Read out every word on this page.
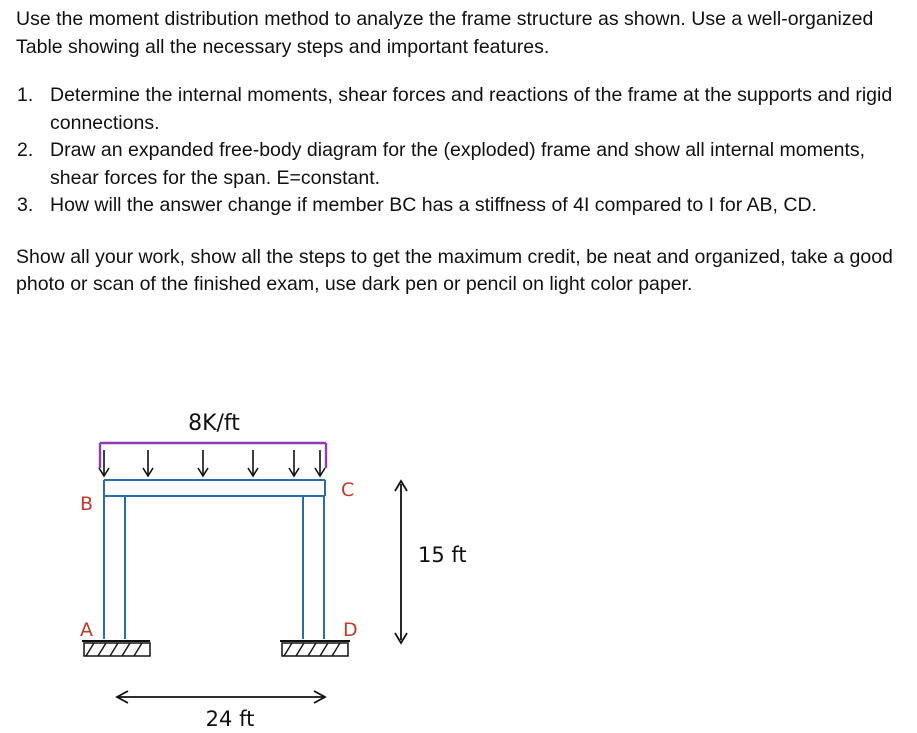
Use the moment distribution method to analyze the frame structure as shown. Use a well-organized Table showing all the necessary steps and important features.

1. Determine the internal moments, shear forces and reactions of the frame at the supports and rigid connections.
2. Draw an expanded free-body diagram for the (exploded) frame and show all internal moments, shear forces for the span. E=constant.
3. How will the answer change if member BC has a stiffness of 4I compared to I for AB, CD.

Show all your work, show all the steps to get the maximum credit, be neat and organized, take a good photo or scan of the finished exam, use dark pen or pencil on light color paper.

8K/ft
B
C
A	D
15 ft
24 ft
